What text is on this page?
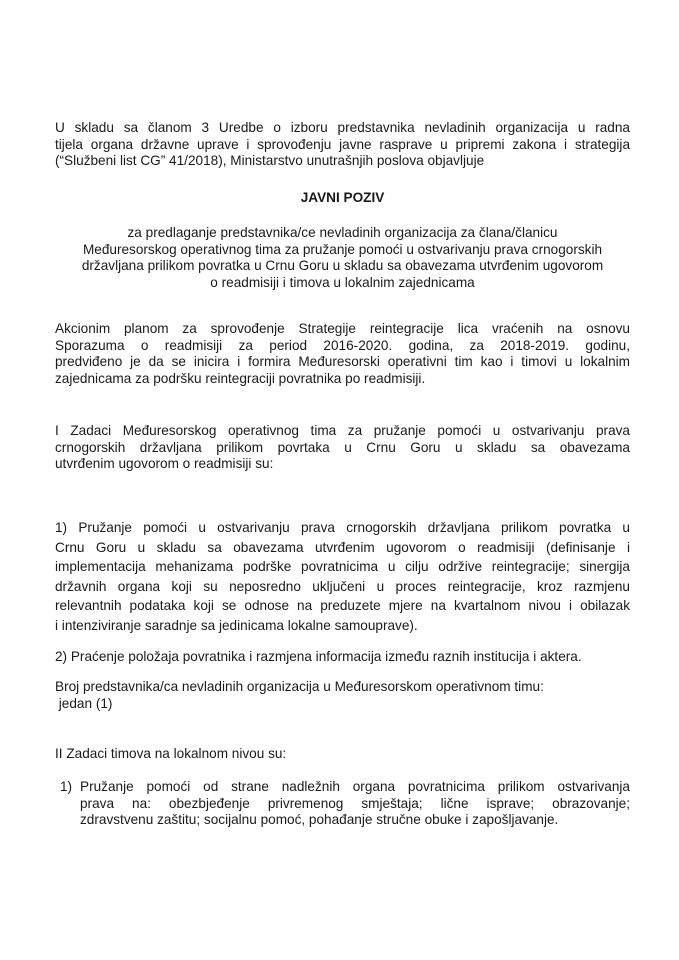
U skladu sa članom 3 Uredbe o izboru predstavnika nevladinih organizacija u radna
tijela organa državne uprave i sprovođenju javne rasprave u pripremi zakona i strategija
(“Službeni list CG” 41/2018), Ministarstvo unutrašnjih poslova objavljuje
JAVNI POZIV
za predlaganje predstavnika/ce nevladinih organizacija za člana/članicu
Međuresorskog operativnog tima za pružanje pomoći u ostvarivanju prava crnogorskih
državljana prilikom povratka u Crnu Goru u skladu sa obavezama utvrđenim ugovorom
o readmisiji i timova u lokalnim zajednicama
Akcionim planom za sprovođenje Strategije reintegracije lica vraćenih na osnovu
Sporazuma o readmisiji za period 2016-2020. godina, za 2018-2019. godinu,
predviđeno je da se inicira i formira Međuresorski operativni tim kao i timovi u lokalnim
zajednicama za podršku reintegraciji povratnika po readmisiji.
I Zadaci Međuresorskog operativnog tima za pružanje pomoći u ostvarivanju prava
crnogorskih državljana prilikom povrtaka u Crnu Goru u skladu sa obavezama
utvrđenim ugovorom o readmisiji su:
1) Pružanje pomoći u ostvarivanju prava crnogorskih državljana prilikom povratka u
Crnu Goru u skladu sa obavezama utvrđenim ugovorom o readmisiji (definisanje i
implementacija mehanizama podrške povratnicima u cilju održive reintegracije; sinergija
državnih organa koji su neposredno uključeni u proces reintegracije, kroz razmjenu
relevantnih podataka koji se odnose na preduzete mjere na kvartalnom nivou i obilazak
i intenziviranje saradnje sa jedinicama lokalne samouprave).
2) Praćenje položaja povratnika i razmjena informacija između raznih institucija i aktera.
Broj predstavnika/ca nevladinih organizacija u Međuresorskom operativnom timu:
jedan (1)
II Zadaci timova na lokalnom nivou su:
1) Pružanje pomoći od strane nadležnih organa povratnicima prilikom ostvarivanja
prava na: obezbjeđenje privremenog smještaja; lične isprave; obrazovanje;
zdravstvenu zaštitu; socijalnu pomoć, pohađanje stručne obuke i zapošljavanje.
